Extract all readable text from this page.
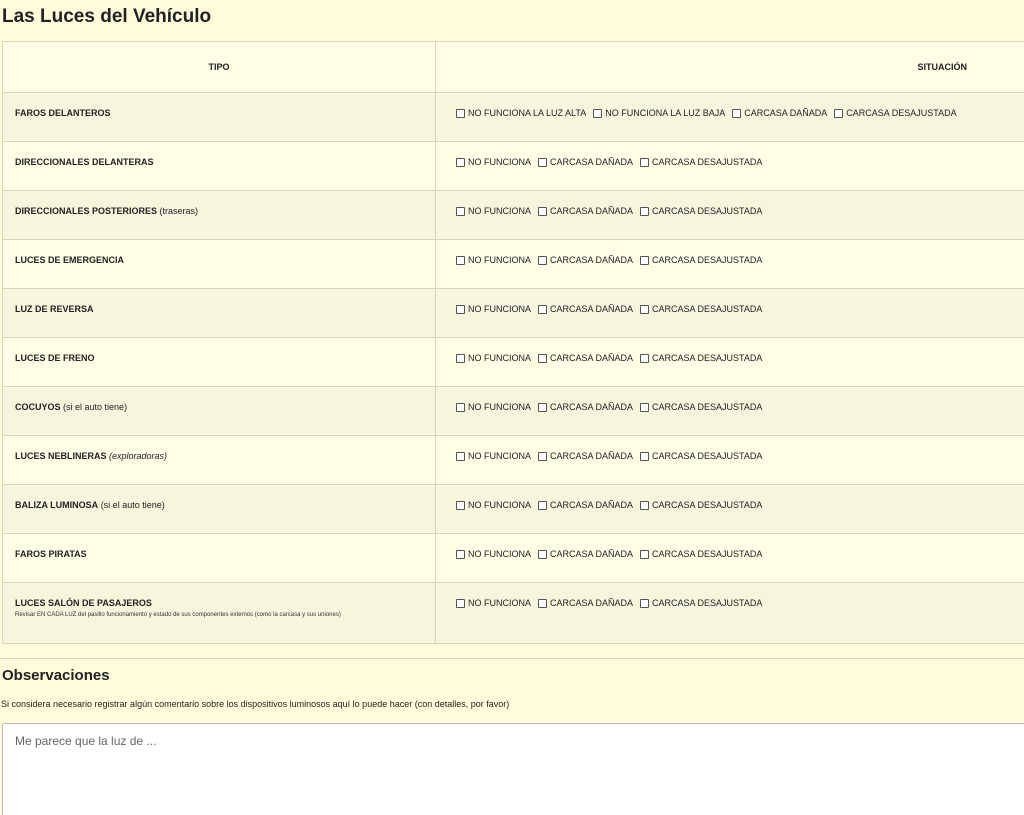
Las Luces del Vehículo
TIPO	SITUACIÓN
FAROS DELANTEROS	NO FUNCIONA LA LUZ ALTA NO FUNCIONA LA LUZ BAJA CARCASA DAÑADA CARCASA DESAJUSTADA

DIRECCIONALES DELANTERAS	NO FUNCIONA CARCASA DAÑADA CARCASA DESAJUSTADA

DIRECCIONALES POSTERIORES (traseras)	NO FUNCIONA CARCASA DAÑADA CARCASA DESAJUSTADA

LUCES DE EMERGENCIA	NO FUNCIONA CARCASA DAÑADA CARCASA DESAJUSTADA

LUZ DE REVERSA	NO FUNCIONA CARCASA DAÑADA CARCASA DESAJUSTADA

LUCES DE FRENO	NO FUNCIONA CARCASA DAÑADA CARCASA DESAJUSTADA

COCUYOS (si el auto tiene)	NO FUNCIONA CARCASA DAÑADA CARCASA DESAJUSTADA

LUCES NEBLINERAS (exploradoras)	NO FUNCIONA CARCASA DAÑADA CARCASA DESAJUSTADA

BALIZA LUMINOSA (si el auto tiene)	NO FUNCIONA CARCASA DAÑADA CARCASA DESAJUSTADA

FAROS PIRATAS	NO FUNCIONA CARCASA DAÑADA CARCASA DESAJUSTADA

LUCES SALÓN DE PASAJEROS
Revisar EN CADA LUZ del pasillo funcionamiento y estado de sus componentes externos (como la carcasa y sus uniones)	NO FUNCIONA CARCASA DAÑADA CARCASA DESAJUSTADA
Observaciones
Si considera necesario registrar algún comentario sobre los dispositivos luminosos aquí lo puede hacer (con detalles, por favor)
Me parece que la luz de ...
